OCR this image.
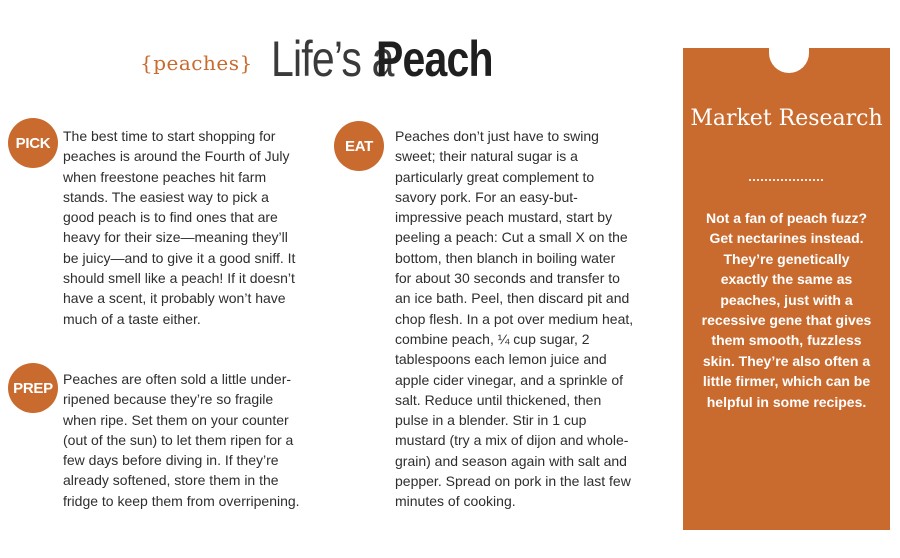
{peaches} Life’s a
Peach
PICK The best time to start shopping for peaches is around the Fourth of July when freestone peaches hit farm stands. The easiest way to pick a good peach is to find ones that are heavy for their size—meaning they’ll be juicy—and to give it a good sniff. It should smell like a peach! If it doesn’t have a scent, it probably won’t have much of a taste either.
PREP
Peaches are often sold a little under-ripened because they’re so fragile when ripe. Set them on your counter (out of the sun) to let them ripen for a few days before diving in. If they’re already softened, store them in the fridge to keep them from overripening.
EAT
Peaches don’t just have to swing sweet; their natural sugar is a particularly great complement to savory pork. For an easy-but-impressive peach mustard, start by peeling a peach: Cut a small X on the bottom, then blanch in boiling water for about 30 seconds and transfer to an ice bath. Peel, then discard pit and chop flesh. In a pot over medium heat, combine peach, ¼ cup sugar, 2 tablespoons each lemon juice and apple cider vinegar, and a sprinkle of salt. Reduce until thickened, then pulse in a blender. Stir in 1 cup mustard (try a mix of dijon and whole-grain) and season again with salt and pepper. Spread on pork in the last few minutes of cooking.
Market Research
Not a fan of peach fuzz? Get nectarines instead. They’re genetically exactly the same as peaches, just with a recessive gene that gives them smooth, fuzzless skin. They’re also often a little firmer, which can be helpful in some recipes.
